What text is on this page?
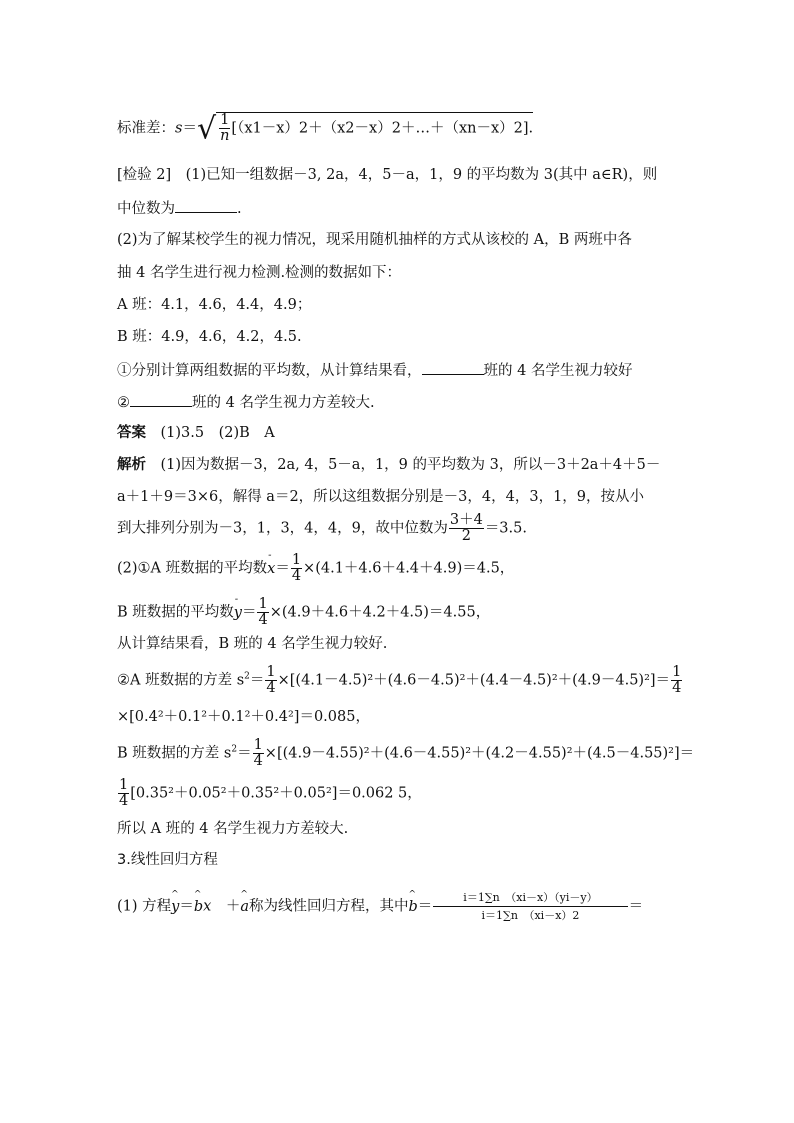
标准差：$s=√ \frac{1}{n}$ [（x1－x）2＋（x2－x）2＋…＋（xn－x）2].
[检验 2]　(1)已知一组数据－3, 2a，4，5－a，1，9 的平均数为 3(其中 a∈R)，则
中位数为	.
(2)为了解某校学生的视力情况，现采用随机抽样的方式从该校的 A，B 两班中各
抽 4 名学生进行视力检测.检测的数据如下：
A 班：4.1，4.6，4.4，4.9；
B 班：4.9，4.6，4.2，4.5.
①分别计算两组数据的平均数，从计算结果看，	班的 4 名学生视力较好
②	班的 4 名学生视力方差较大.
答案　 (1)3.5　(2)B　A
解析　 (1)因为数据－3，2a, 4，5－a，1，9 的平均数为 3，所以－3＋2a＋4＋5－
a＋1＋9＝3×6，解得 a＝2，所以这组数据分别是－3，4，4，3，1，9，按从小
到大排列分别为－3，1，3，4，4，9，故中位数为 $\frac{3+4}{2} =3.5$.
(2)①A 班数据的平均数- $x= \frac{1}{4} \times(4.1+4.6+4.4+4.9)=4.5$，
B 班数据的平均数- $y= \frac{1}{4} \times(4.9+4.6+4.2+4.5)=4.55$，
从计算结果看，B 班的 4 名学生视力较好.
②A 班数据的方差 $s^2= \frac{1}{4} \times[(4.1-4.5)^2+(4.6-4.5)^2+(4.4-4.5)^2+(4.9-4.5)^2]= \frac{1}{4}$
×[0.4²＋0.1²＋0.1²＋0.4²]＝0.085，
B 班数据的方差 $s^2= \frac{1}{4} \times[(4.9-4.55)^2+(4.6-4.55)^2+(4.2-4.55)^2+(4.5-4.55)^2]=$
$\frac{1}{4} [0.35^2+0.05^2+0.35^2+0.05^2]=0.062$ 5，
所以 A 班的 4 名学生视力方差较大.
3.线性回归方程
(1) 方程^ y＝^ bx　 ＋^ a称为线性回归方程，其中^ $b= \frac{i=1\sum n (xi-x)(yi-y)}{i=1\sum n (xi-x)2}$ ＝
